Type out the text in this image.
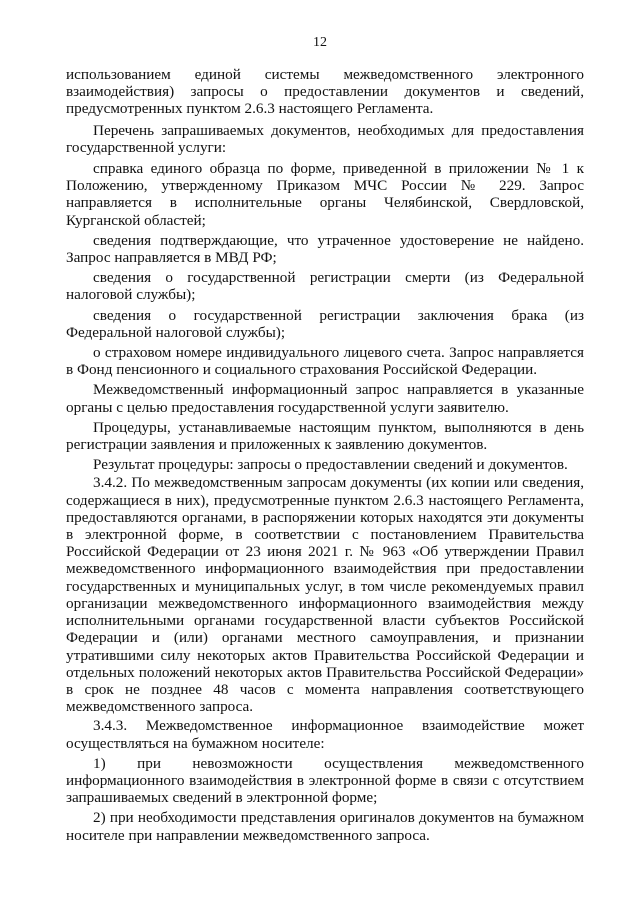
12

использованием единой системы межведомственного электронного взаимодействия) запросы о предоставлении документов и сведений, предусмотренных пунктом 2.6.3 настоящего Регламента.

Перечень запрашиваемых документов, необходимых для предоставления государственной услуги:

справка единого образца по форме, приведенной в приложении № 1 к Положению, утвержденному Приказом МЧС России № 229. Запрос направляется в исполнительные органы Челябинской, Свердловской, Курганской областей;

сведения подтверждающие, что утраченное удостоверение не найдено. Запрос направляется в МВД РФ;

сведения о государственной регистрации смерти (из Федеральной налоговой службы);

сведения о государственной регистрации заключения брака (из Федеральной налоговой службы);

о страховом номере индивидуального лицевого счета. Запрос направляется в Фонд пенсионного и социального страхования Российской Федерации.

Межведомственный информационный запрос направляется в указанные органы с целью предоставления государственной услуги заявителю.

Процедуры, устанавливаемые настоящим пунктом, выполняются в день регистрации заявления и приложенных к заявлению документов.

Результат процедуры: запросы о предоставлении сведений и документов.

3.4.2. По межведомственным запросам документы (их копии или сведения, содержащиеся в них), предусмотренные пунктом 2.6.3 настоящего Регламента, предоставляются органами, в распоряжении которых находятся эти документы в электронной форме, в соответствии с постановлением Правительства Российской Федерации от 23 июня 2021 г. № 963 «Об утверждении Правил межведомственного информационного взаимодействия при предоставлении государственных и муниципальных услуг, в том числе рекомендуемых правил организации межведомственного информационного взаимодействия между исполнительными органами государственной власти субъектов Российской Федерации и (или) органами местного самоуправления, и признании утратившими силу некоторых актов Правительства Российской Федерации и отдельных положений некоторых актов Правительства Российской Федерации» в срок не позднее 48 часов с момента направления соответствующего межведомственного запроса.

3.4.3. Межведомственное информационное взаимодействие может осуществляться на бумажном носителе:

1) при невозможности осуществления межведомственного информационного взаимодействия в электронной форме в связи с отсутствием запрашиваемых сведений в электронной форме;

2) при необходимости представления оригиналов документов на бумажном носителе при направлении межведомственного запроса.
